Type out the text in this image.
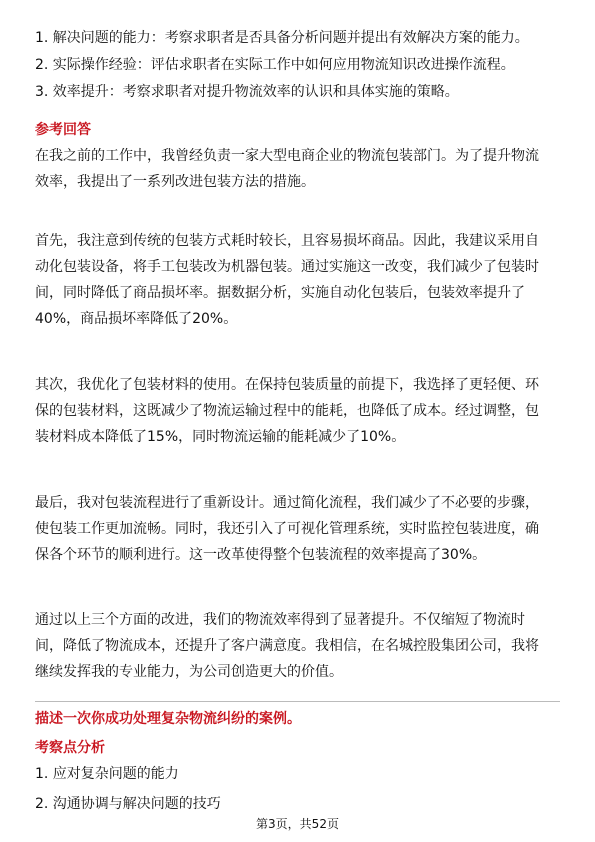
1. 解决问题的能力：考察求职者是否具备分析问题并提出有效解决方案的能力。
2. 实际操作经验：评估求职者在实际工作中如何应用物流知识改进操作流程。
3. 效率提升：考察求职者对提升物流效率的认识和具体实施的策略。
参考回答
在我之前的工作中，我曾经负责一家大型电商企业的物流包装部门。为了提升物流
效率，我提出了一系列改进包装方法的措施。
首先，我注意到传统的包装方式耗时较长，且容易损坏商品。因此，我建议采用自
动化包装设备，将手工包装改为机器包装。通过实施这一改变，我们减少了包装时
间，同时降低了商品损坏率。据数据分析，实施自动化包装后，包装效率提升了
40%，商品损坏率降低了20%。
其次，我优化了包装材料的使用。在保持包装质量的前提下，我选择了更轻便、环
保的包装材料，这既减少了物流运输过程中的能耗，也降低了成本。经过调整，包
装材料成本降低了15%，同时物流运输的能耗减少了10%。
最后，我对包装流程进行了重新设计。通过简化流程，我们减少了不必要的步骤，
使包装工作更加流畅。同时，我还引入了可视化管理系统，实时监控包装进度，确
保各个环节的顺利进行。这一改革使得整个包装流程的效率提高了30%。
通过以上三个方面的改进，我们的物流效率得到了显著提升。不仅缩短了物流时
间，降低了物流成本，还提升了客户满意度。我相信，在名城控股集团公司，我将
继续发挥我的专业能力，为公司创造更大的价值。
描述一次你成功处理复杂物流纠纷的案例。
考察点分析
1. 应对复杂问题的能力
2. 沟通协调与解决问题的技巧
第3页，共52页
